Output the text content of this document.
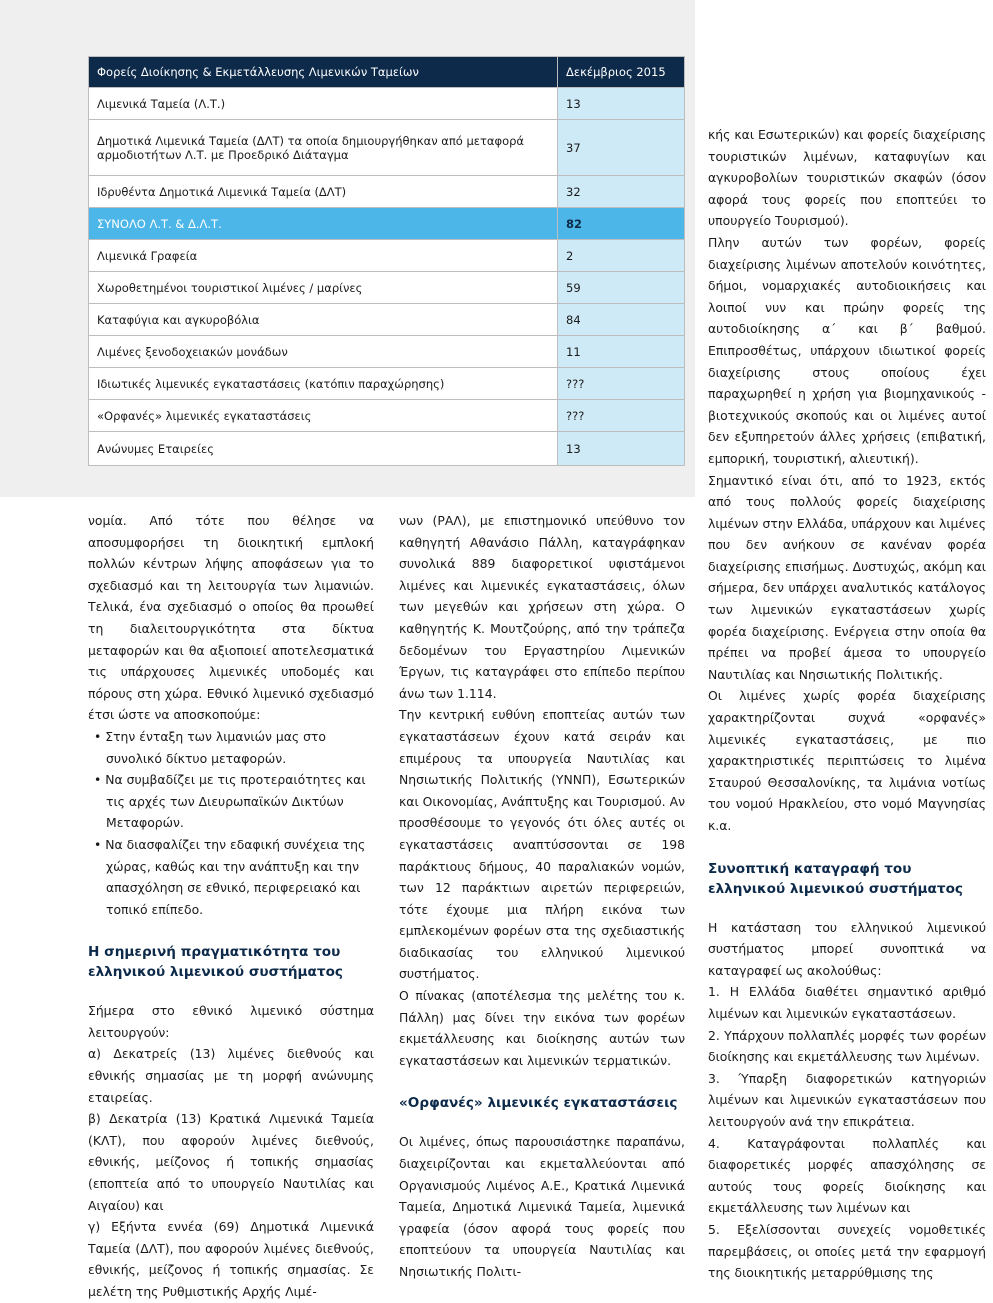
Φορείς Διοίκησης & Εκμετάλλευσης Λιμενικών Ταμείων	Δεκέμβριος 2015
Λιμενικά Ταμεία (Λ.Τ.)	13
Δημοτικά Λιμενικά Ταμεία (ΔΛΤ) τα οποία δημιουργήθηκαν από μεταφορά αρμοδιοτήτων Λ.Τ. με Προεδρικό Διάταγμα	37
Ιδρυθέντα Δημοτικά Λιμενικά Ταμεία (ΔΛΤ)	32
ΣΥΝΟΛΟ Λ.Τ. & Δ.Λ.Τ.	82
Λιμενικά Γραφεία	2
Χωροθετημένοι τουριστικοί λιμένες / μαρίνες	59
Καταφύγια και αγκυροβόλια	84
Λιμένες ξενοδοχειακών μονάδων	11
Ιδιωτικές λιμενικές εγκαταστάσεις (κατόπιν παραχώρησης)	???
«Ορφανές» λιμενικές εγκαταστάσεις	???
Ανώνυμες Εταιρείες	13

νομία. Από τότε που θέλησε να αποσυμφορήσει τη διοικητική εμπλοκή πολλών κέντρων λήψης αποφάσεων για το σχεδιασμό και τη λειτουργία των λιμανιών. Τελικά, ένα σχεδιασμό ο οποίος θα προωθεί τη διαλειτουργικότητα στα δίκτυα μεταφορών και θα αξιοποιεί αποτελεσματικά τις υπάρχουσες λιμενικές υποδομές και πόρους στη χώρα. Εθνικό λιμενικό σχεδιασμό έτσι ώστε να αποσκοπούμε:

• Στην ένταξη των λιμανιών μας στο συνολικό δίκτυο μεταφορών.

• Να συμβαδίζει με τις προτεραιότητες και τις αρχές των Διευρωπαϊκών Δικτύων Μεταφορών.

• Να διασφαλίζει την εδαφική συνέχεια της χώρας, καθώς και την ανάπτυξη και την απασχόληση σε εθνικό, περιφερειακό και τοπικό επίπεδο.

Η σημερινή πραγματικότητα του ελληνικού λιμενικού συστήματος

Σήμερα στο εθνικό λιμενικό σύστημα λειτουργούν:

α) Δεκατρείς (13) λιμένες διεθνούς και εθνικής σημασίας με τη μορφή ανώνυμης εταιρείας.

β) Δεκατρία (13) Κρατικά Λιμενικά Ταμεία (ΚΛΤ), που αφορούν λιμένες διεθνούς, εθνικής, μείζονος ή τοπικής σημασίας (εποπτεία από το υπουργείο Ναυτιλίας και Αιγαίου) και

γ) Εξήντα εννέα (69) Δημοτικά Λιμενικά Ταμεία (ΔΛΤ), που αφορούν λιμένες διεθνούς, εθνικής, μείζονος ή τοπικής σημασίας. Σε μελέτη της Ρυθμιστικής Αρχής Λιμέ-

νων (ΡΑΛ), με επιστημονικό υπεύθυνο τον καθηγητή Αθανάσιο Πάλλη, καταγράφηκαν συνολικά 889 διαφορετικοί υφιστάμενοι λιμένες και λιμενικές εγκαταστάσεις, όλων των μεγεθών και χρήσεων στη χώρα. Ο καθηγητής Κ. Μουτζούρης, από την τράπεζα δεδομένων του Εργαστηρίου Λιμενικών Έργων, τις καταγράφει στο επίπεδο περίπου άνω των 1.114.

Την κεντρική ευθύνη εποπτείας αυτών των εγκαταστάσεων έχουν κατά σειράν και επιμέρους τα υπουργεία Ναυτιλίας και Νησιωτικής Πολιτικής (ΥΝΝΠ), Εσωτερικών και Οικονομίας, Ανάπτυξης και Τουρισμού. Αν προσθέσουμε το γεγονός ότι όλες αυτές οι εγκαταστάσεις αναπτύσσονται σε 198 παράκτιους δήμους, 40 παραλιακών νομών, των 12 παράκτιων αιρετών περιφερειών, τότε έχουμε μια πλήρη εικόνα των εμπλεκομένων φορέων στα της σχεδιαστικής διαδικασίας του ελληνικού λιμενικού συστήματος.

Ο πίνακας (αποτέλεσμα της μελέτης του κ. Πάλλη) μας δίνει την εικόνα των φορέων εκμετάλλευσης και διοίκησης αυτών των εγκαταστάσεων και λιμενικών τερματικών.

«Ορφανές» λιμενικές εγκαταστάσεις

Οι λιμένες, όπως παρουσιάστηκε παραπάνω, διαχειρίζονται και εκμεταλλεύονται από Οργανισμούς Λιμένος Α.Ε., Κρατικά Λιμενικά Ταμεία, Δημοτικά Λιμενικά Ταμεία, λιμενικά γραφεία (όσον αφορά τους φορείς που εποπτεύουν τα υπουργεία Ναυτιλίας και Νησιωτικής Πολιτι-

κής και Εσωτερικών) και φορείς διαχείρισης τουριστικών λιμένων, καταφυγίων και αγκυροβολίων τουριστικών σκαφών (όσον αφορά τους φορείς που εποπτεύει το υπουργείο Τουρισμού).

Πλην αυτών των φορέων, φορείς διαχείρισης λιμένων αποτελούν κοινότητες, δήμοι, νομαρχιακές αυτοδιοικήσεις και λοιποί νυν και πρώην φορείς της αυτοδιοίκησης α΄ και β΄ βαθμού. Επιπροσθέτως, υπάρχουν ιδιωτικοί φορείς διαχείρισης στους οποίους έχει παραχωρηθεί η χρήση για βιομηχανικούς - βιοτεχνικούς σκοπούς και οι λιμένες αυτοί δεν εξυπηρετούν άλλες χρήσεις (επιβατική, εμπορική, τουριστική, αλιευτική).

Σημαντικό είναι ότι, από το 1923, εκτός από τους πολλούς φορείς διαχείρισης λιμένων στην Ελλάδα, υπάρχουν και λιμένες που δεν ανήκουν σε κανέναν φορέα διαχείρισης επισήμως. Δυστυχώς, ακόμη και σήμερα, δεν υπάρχει αναλυτικός κατάλογος των λιμενικών εγκαταστάσεων χωρίς φορέα διαχείρισης. Ενέργεια στην οποία θα πρέπει να προβεί άμεσα το υπουργείο Ναυτιλίας και Νησιωτικής Πολιτικής.

Οι λιμένες χωρίς φορέα διαχείρισης χαρακτηρίζονται συχνά «ορφανές» λιμενικές εγκαταστάσεις, με πιο χαρακτηριστικές περιπτώσεις το λιμένα Σταυρού Θεσσαλονίκης, τα λιμάνια νοτίως του νομού Ηρακλείου, στο νομό Μαγνησίας κ.α.

Συνοπτική καταγραφή του ελληνικού λιμενικού συστήματος

Η κατάσταση του ελληνικού λιμενικού συστήματος μπορεί συνοπτικά να καταγραφεί ως ακολούθως:

1. Η Ελλάδα διαθέτει σημαντικό αριθμό λιμένων και λιμενικών εγκαταστάσεων.

2. Υπάρχουν πολλαπλές μορφές των φορέων διοίκησης και εκμετάλλευσης των λιμένων.

3. Ύπαρξη διαφορετικών κατηγοριών λιμένων και λιμενικών εγκαταστάσεων που λειτουργούν ανά την επικράτεια.

4. Καταγράφονται πολλαπλές και διαφορετικές μορφές απασχόλησης σε αυτούς τους φορείς διοίκησης και εκμετάλλευσης των λιμένων και

5. Εξελίσσονται συνεχείς νομοθετικές παρεμβάσεις, οι οποίες μετά την εφαρμογή της διοικητικής μεταρρύθμισης της
